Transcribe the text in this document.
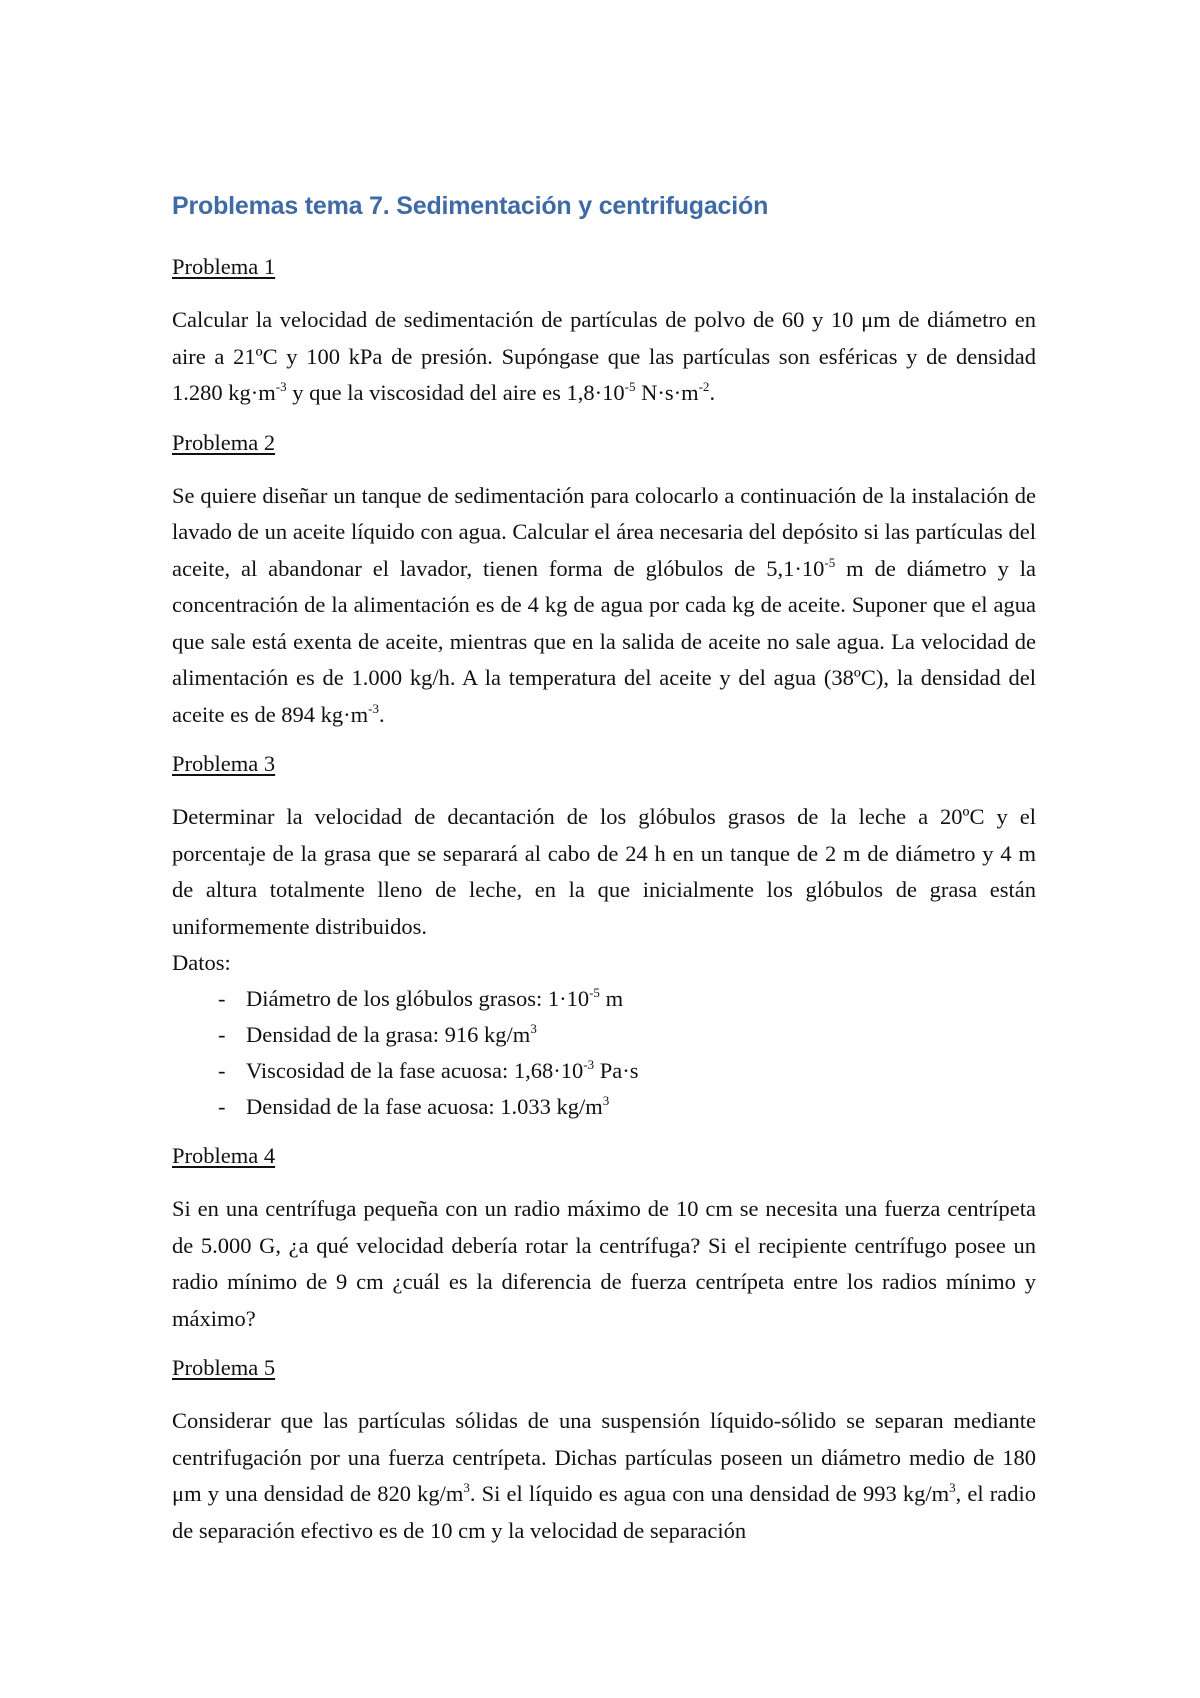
Problemas tema 7. Sedimentación y centrifugación
Problema 1

Calcular la velocidad de sedimentación de partículas de polvo de 60 y 10 μm de diámetro en aire a 21ºC y 100 kPa de presión. Supóngase que las partículas son esféricas y de densidad 1.280 $kg\cdot m^{-3}$ y que la viscosidad del aire es $1,8\cdot 10^{-5}$ $N\cdot s\cdot m^{-2}$.

Problema 2

Se quiere diseñar un tanque de sedimentación para colocarlo a continuación de la instalación de lavado de un aceite líquido con agua. Calcular el área necesaria del depósito si las partículas del aceite, al abandonar el lavador, tienen forma de glóbulos de $5,1\cdot 10^{-5}$ m de diámetro y la concentración de la alimentación es de 4 kg de agua por cada kg de aceite. Suponer que el agua que sale está exenta de aceite, mientras que en la salida de aceite no sale agua. La velocidad de alimentación es de 1.000 kg/h. A la temperatura del aceite y del agua (38ºC), la densidad del aceite es de 894 $kg\cdot m^{-3}$.

Problema 3

Determinar la velocidad de decantación de los glóbulos grasos de la leche a 20ºC y el porcentaje de la grasa que se separará al cabo de 24 h en un tanque de 2 m de diámetro y 4 m de altura totalmente lleno de leche, en la que inicialmente los glóbulos de grasa están uniformemente distribuidos.

Datos:
- Diámetro de los glóbulos grasos: $1\cdot 10^{-5}$ m
- Densidad de la grasa: 916 $kg/m^3$
- Viscosidad de la fase acuosa: $1,68\cdot 10^{-3}$ Pa·s
- Densidad de la fase acuosa: 1.033 $kg/m^3$
Problema 4

Si en una centrífuga pequeña con un radio máximo de 10 cm se necesita una fuerza centrípeta de 5.000 G, ¿a qué velocidad debería rotar la centrífuga? Si el recipiente centrífugo posee un radio mínimo de 9 cm ¿cuál es la diferencia de fuerza centrípeta entre los radios mínimo y máximo?

Problema 5

Considerar que las partículas sólidas de una suspensión líquido-sólido se separan mediante centrifugación por una fuerza centrípeta. Dichas partículas poseen un diámetro medio de 180 μm y una densidad de 820 $kg/m^3$. Si el líquido es agua con una densidad de 993 $kg/m^3$, el radio de separación efectivo es de 10 cm y la velocidad de separación
